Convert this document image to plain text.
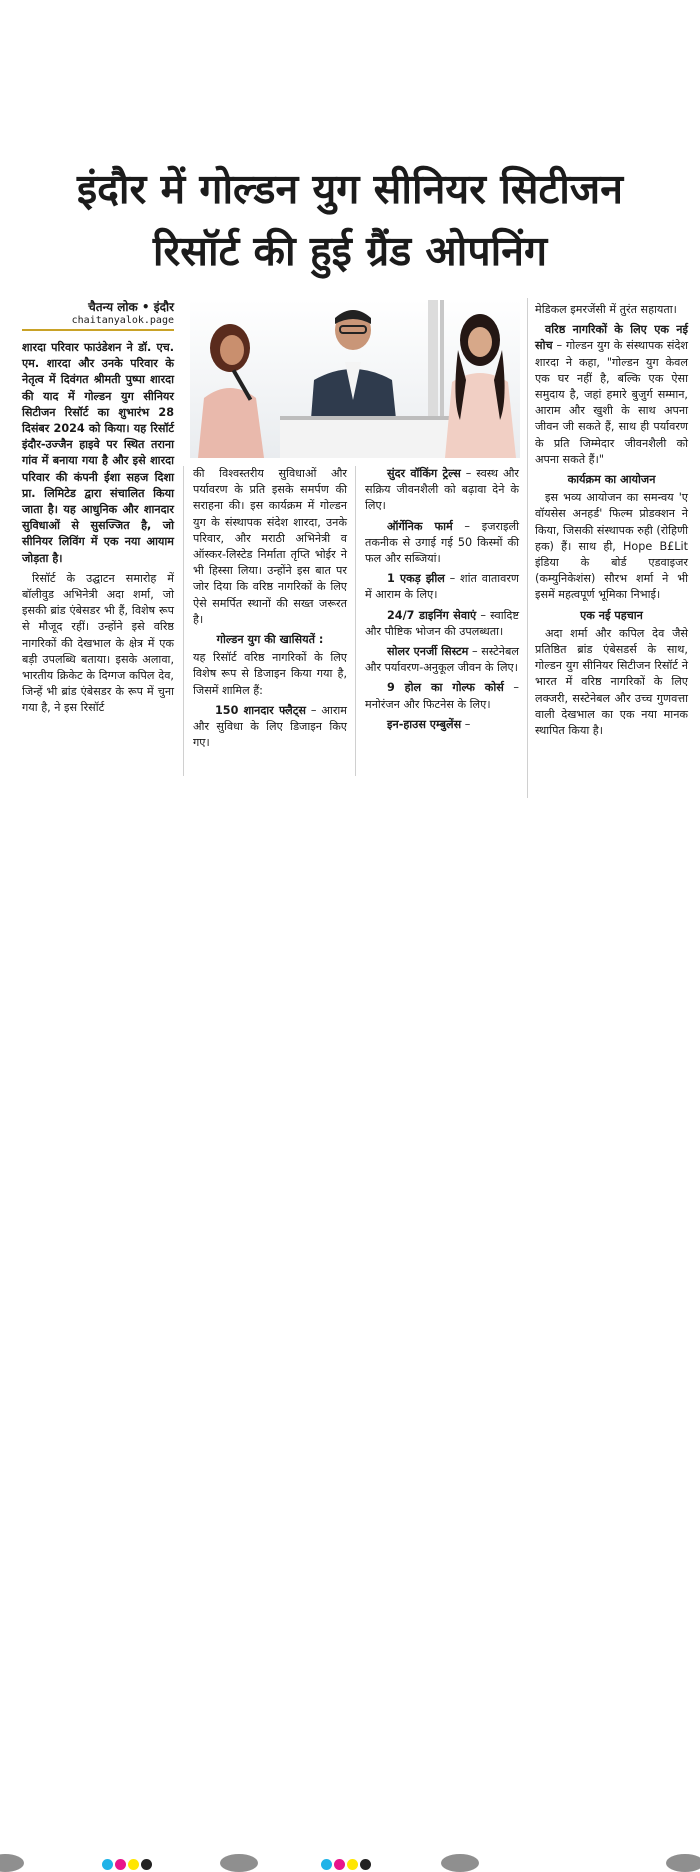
इंदौर में गोल्डन युग सीनियर सिटीजन
रिसॉर्ट की हुई ग्रैंड ओपनिंग
चैतन्य लोक • इंदौर
chaitanyalok.page

शारदा परिवार फाउंडेशन ने डॉ. एच. एम. शारदा और उनके परिवार के नेतृत्व में दिवंगत श्रीमती पुष्पा शारदा की याद में गोल्डन युग सीनियर सिटीजन रिसॉर्ट का शुभारंभ 28 दिसंबर 2024 को किया। यह रिसॉर्ट इंदौर-उज्जैन हाइवे पर स्थित तराना गांव में बनाया गया है और इसे शारदा परिवार की कंपनी ईशा सहज दिशा प्रा. लिमिटेड द्वारा संचालित किया जाता है। यह आधुनिक और शानदार सुविधाओं से सुसज्जित है, जो सीनियर लिविंग में एक नया आयाम जोड़ता है।

रिसॉर्ट के उद्घाटन समारोह में बॉलीवुड अभिनेत्री अदा शर्मा, जो इसकी ब्रांड एंबेसडर भी हैं, विशेष रूप से मौजूद रहीं। उन्होंने इसे वरिष्ठ नागरिकों की देखभाल के क्षेत्र में एक बड़ी उपलब्धि बताया। इसके अलावा, भारतीय क्रिकेट के दिग्गज कपिल देव, जिन्हें भी ब्रांड एंबेसडर के रूप में चुना गया है, ने इस रिसॉर्ट

की विश्वस्तरीय सुविधाओं और पर्यावरण के प्रति इसके समर्पण की सराहना की। इस कार्यक्रम में गोल्डन युग के संस्थापक संदेश शारदा, उनके परिवार, और मराठी अभिनेत्री व ऑस्कर-लिस्टेड निर्माता तृप्ति भोईर ने भी हिस्सा लिया। उन्होंने इस बात पर जोर दिया कि वरिष्ठ नागरिकों के लिए ऐसे समर्पित स्थानों की सख्त जरूरत है।

गोल्डन युग की खासियतें :

यह रिसॉर्ट वरिष्ठ नागरिकों के लिए विशेष रूप से डिजाइन किया गया है, जिसमें शामिल हैं:

150 शानदार फ्लैट्स – आराम और सुविधा के लिए डिजाइन किए गए।

सुंदर वॉकिंग ट्रेल्स – स्वस्थ और सक्रिय जीवनशैली को बढ़ावा देने के लिए।

ऑर्गेनिक फार्म – इजराइली तकनीक से उगाई गई 50 किस्मों की फल और सब्जियां।

1 एकड़ झील – शांत वातावरण में आराम के लिए।

24/7 डाइनिंग सेवाएं – स्वादिष्ट और पौष्टिक भोजन की उपलब्धता।

सोलर एनर्जी सिस्टम – सस्टेनेबल और पर्यावरण-अनुकूल जीवन के लिए।

9 होल का गोल्फ कोर्स – मनोरंजन और फिटनेस के लिए।

इन-हाउस एम्बुलेंस –

मेडिकल इमरजेंसी में तुरंत सहायता।

वरिष्ठ नागरिकों के लिए एक नई सोच – गोल्डन युग के संस्थापक संदेश शारदा ने कहा, "गोल्डन युग केवल एक घर नहीं है, बल्कि एक ऐसा समुदाय है, जहां हमारे बुजुर्ग सम्मान, आराम और खुशी के साथ अपना जीवन जी सकते हैं, साथ ही पर्यावरण के प्रति जिम्मेदार जीवनशैली को अपना सकते हैं।"

कार्यक्रम का आयोजन

इस भव्य आयोजन का समन्वय 'ए वॉयसेस अनहर्ड' फिल्म प्रोडक्शन ने किया, जिसकी संस्थापक रुही (रोहिणी हक) हैं। साथ ही, Hope B£Lit इंडिया के बोर्ड एडवाइजर (कम्युनिकेशंस) सौरभ शर्मा ने भी इसमें महत्वपूर्ण भूमिका निभाई।

एक नई पहचान

अदा शर्मा और कपिल देव जैसे प्रतिष्ठित ब्रांड एंबेसडर्स के साथ, गोल्डन युग सीनियर सिटीजन रिसॉर्ट ने भारत में वरिष्ठ नागरिकों के लिए लक्जरी, सस्टेनेबल और उच्च गुणवत्ता वाली देखभाल का एक नया मानक स्थापित किया है।
